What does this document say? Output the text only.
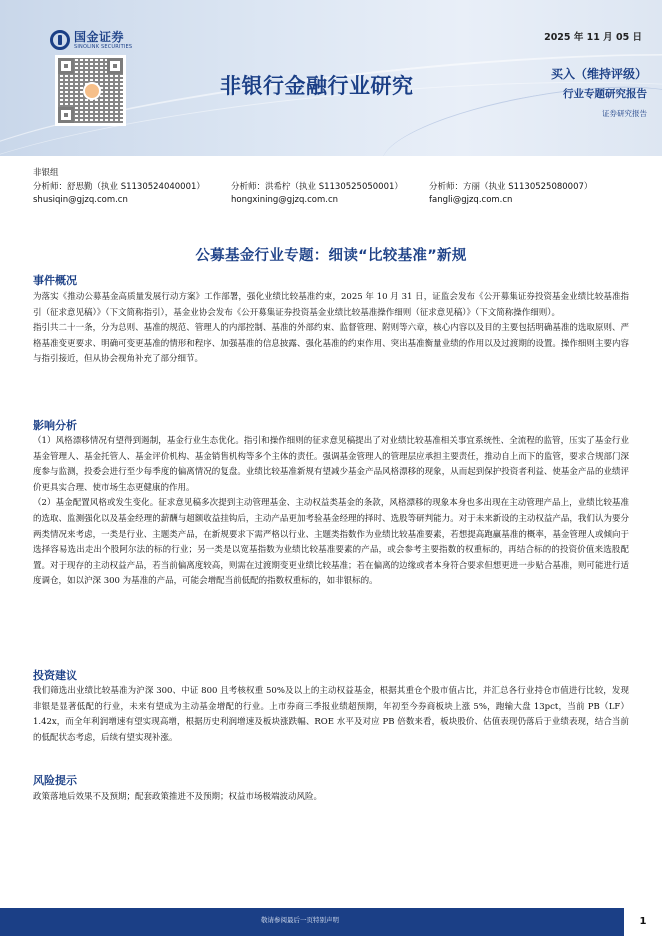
国金证券
SINOLINK SECURITIES
2025 年 11 月 05 日
非银行金融行业研究	买入（维持评级）
行业专题研究报告
证券研究报告
非银组
分析师：舒思勤（执业 S1130524040001）
shusiqin@gjzq.com.cn
分析师：洪希柠（执业 S1130525050001）
hongxining@gjzq.com.cn
分析师：方丽（执业 S1130525080007）
fangli@gjzq.com.cn
公募基金行业专题：细读“比较基准”新规
事件概况

为落实《推动公募基金高质量发展行动方案》工作部署，强化业绩比较基准约束，2025 年 10 月 31 日，证监会发布《公开募集证券投资基金业绩比较基准指引（征求意见稿）》（下文简称指引），基金业协会发布《公开募集证券投资基金业绩比较基准操作细则（征求意见稿）》（下文简称操作细则）。

指引共二十一条，分为总则、基准的规范、管理人的内部控制、基准的外部约束、监督管理、附则等六章，核心内容以及目的主要包括明确基准的选取原则、严格基准变更要求、明确可变更基准的情形和程序、加强基准的信息披露、强化基准的约束作用、突出基准衡量业绩的作用以及过渡期的设置。操作细则主要内容与指引接近，但从协会视角补充了部分细节。

影响分析

（1）风格漂移情况有望得到遏制，基金行业生态优化。指引和操作细则的征求意见稿提出了对业绩比较基准相关事宜系统性、全流程的监管，压实了基金行业基金管理人、基金托管人、基金评价机构、基金销售机构等多个主体的责任。强调基金管理人的管理层应承担主要责任，推动自上而下的监管，要求合规部门深度参与监测，投委会进行至少每季度的偏离情况的复盘。业绩比较基准新规有望减少基金产品风格漂移的现象，从而起到保护投资者利益、使基金产品的业绩评价更具实合理、使市场生态更健康的作用。

（2）基金配置风格或发生变化。征求意见稿多次提到主动管理基金、主动权益类基金的条款，风格漂移的现象本身也多出现在主动管理产品上，业绩比较基准的选取、监测强化以及基金经理的薪酬与超额收益挂钩后，主动产品更加考验基金经理的择时、选股等研判能力。对于未来新设的主动权益产品，我们认为要分两类情况来考虑，一类是行业、主题类产品，在新规要求下需严格以行业、主题类指数作为业绩比较基准要素，若想提高跑赢基准的概率，基金管理人或倾向于选择容易选出走出个股阿尔法的标的行业；另一类是以宽基指数为业绩比较基准要素的产品，或会参考主要指数的权重标的，再结合标的的投资价值来选股配置。对于现存的主动权益产品，若当前偏离度较高，则需在过渡期变更业绩比较基准；若在偏离的边缘或者本身符合要求但想更进一步贴合基准，则可能进行适度调仓，如以沪深 300 为基准的产品，可能会增配当前低配的指数权重标的，如非银标的。

投资建议

我们筛选出业绩比较基准为沪深 300、中证 800 且考核权重 50%及以上的主动权益基金，根据其重仓个股市值占比，并汇总各行业持仓市值进行比较，发现非银是显著低配的行业，未来有望成为主动基金增配的行业。上市券商三季报业绩超预期，年初至今券商板块上涨 5%，跑输大盘 13pct，当前 PB（LF）1.42x，而全年利润增速有望实现高增，根据历史利润增速及板块涨跌幅、ROE 水平及对应 PB 倍数来看，板块股价、估值表现仍落后于业绩表现，结合当前的低配状态考虑，后续有望实现补涨。

风险提示

政策落地后效果不及预期；配套政策推进不及预期；权益市场极端波动风险。

敬请参阅最后一页特别声明	1
